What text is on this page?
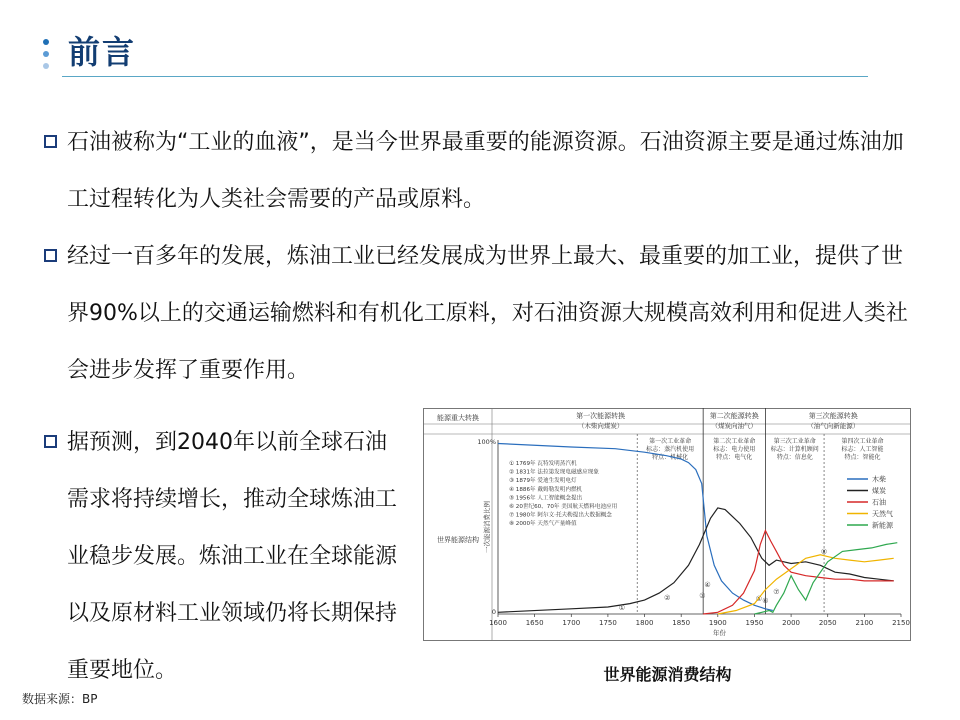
前言
石油被称为“工业的血液”，是当今世界最重要的能源资源。石油资源主要是通过炼油加工过程转化为人类社会需要的产品或原料。
经过一百多年的发展，炼油工业已经发展成为世界上最大、最重要的加工业，提供了世界90%以上的交通运输燃料和有机化工原料，对石油资源大规模高效利用和促进人类社会进步发挥了重要作用。
据预测，到2040年以前全球石油需求将持续增长，推动全球炼油工业稳步发展。炼油工业在全球能源以及原材料工业领域仍将长期保持重要地位。
能源重大转换
世界能源结构
第一次能源转换
（木柴向煤炭）
第二次能源转换
（煤炭向油气）
第三次能源转换
（油气向新能源）
第一次工业革命
标志：蒸汽机使用
特点：机械化
第二次工业革命
标志：电力使用
特点：电气化
第三次工业革命
标志：计算机顾问
特点：信息化
第四次工业革命
标志：人工智能
特点：智能化
100%
0
一次能源消费比例
1600	1650	1700	1750	1800	1850	1900	1950	2000	2050	2100	2150
年份
① 1769年 瓦特发明蒸汽机
② 1831年 法拉第发现电磁感应现象
③ 1879年 爱迪生发明电灯
④ 1886年 戴姆勒发明内燃机
⑤ 1956年 人工智能概念提出
⑥ 20世纪60、70年 美国航天燃料电池应用
⑦ 1980年 阿尔文·托夫勒提出大数据概念
⑧ 2000年 天然气产量峰值
①
②	③
④
⑤ ⑥
⑦
⑧
木柴
煤炭
石油
天然气
新能源
世界能源消费结构
数据来源：BP
